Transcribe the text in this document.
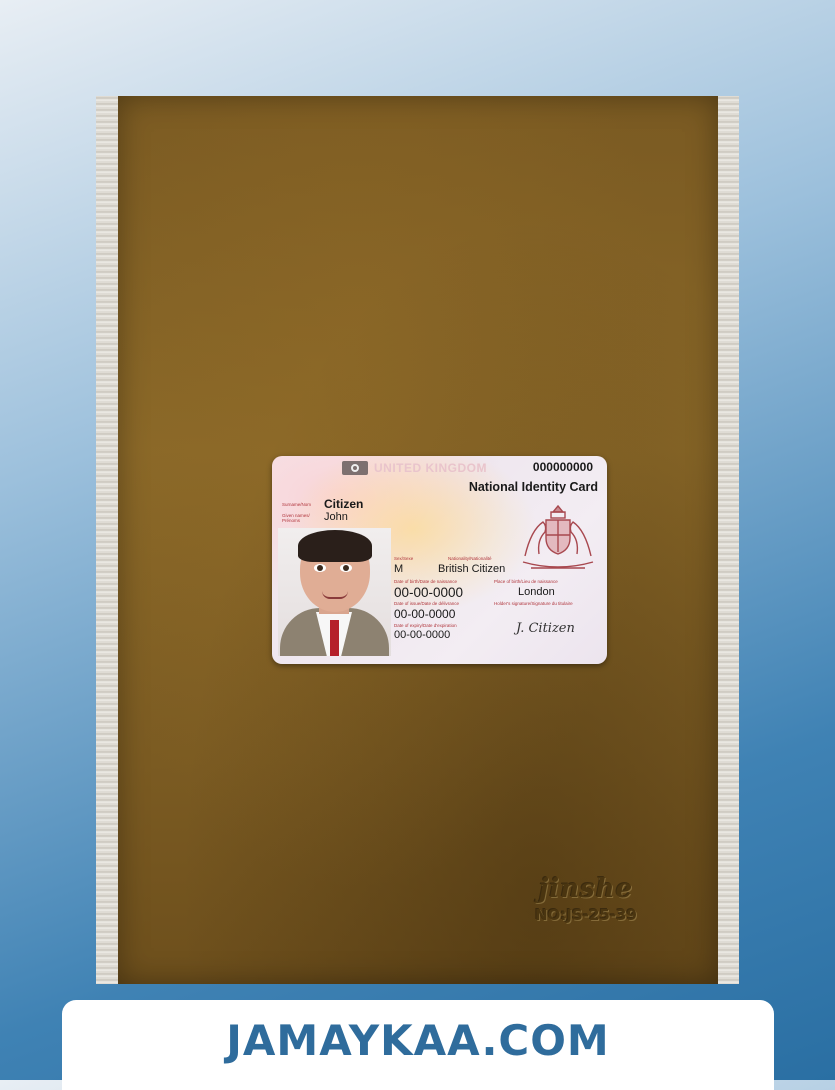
UNITED KINGDOM	000000000
National Identity Card
Surname/Nom Citizen
Given names/ Prénoms	John
Sex/Sexe
M
Nationality/Nationalité
British Citizen
Date of birth/Date de naissance
00-00-0000
Place of birth/Lieu de naissance
London
Date of issue/Date de délivrance
00-00-0000
Holder's signature/Signature du titulaire
Date of expiry/Date d'expiration
00-00-0000	J. Citizen
jinshe
NO:JS-25-39
JAMAYKAA.COM
